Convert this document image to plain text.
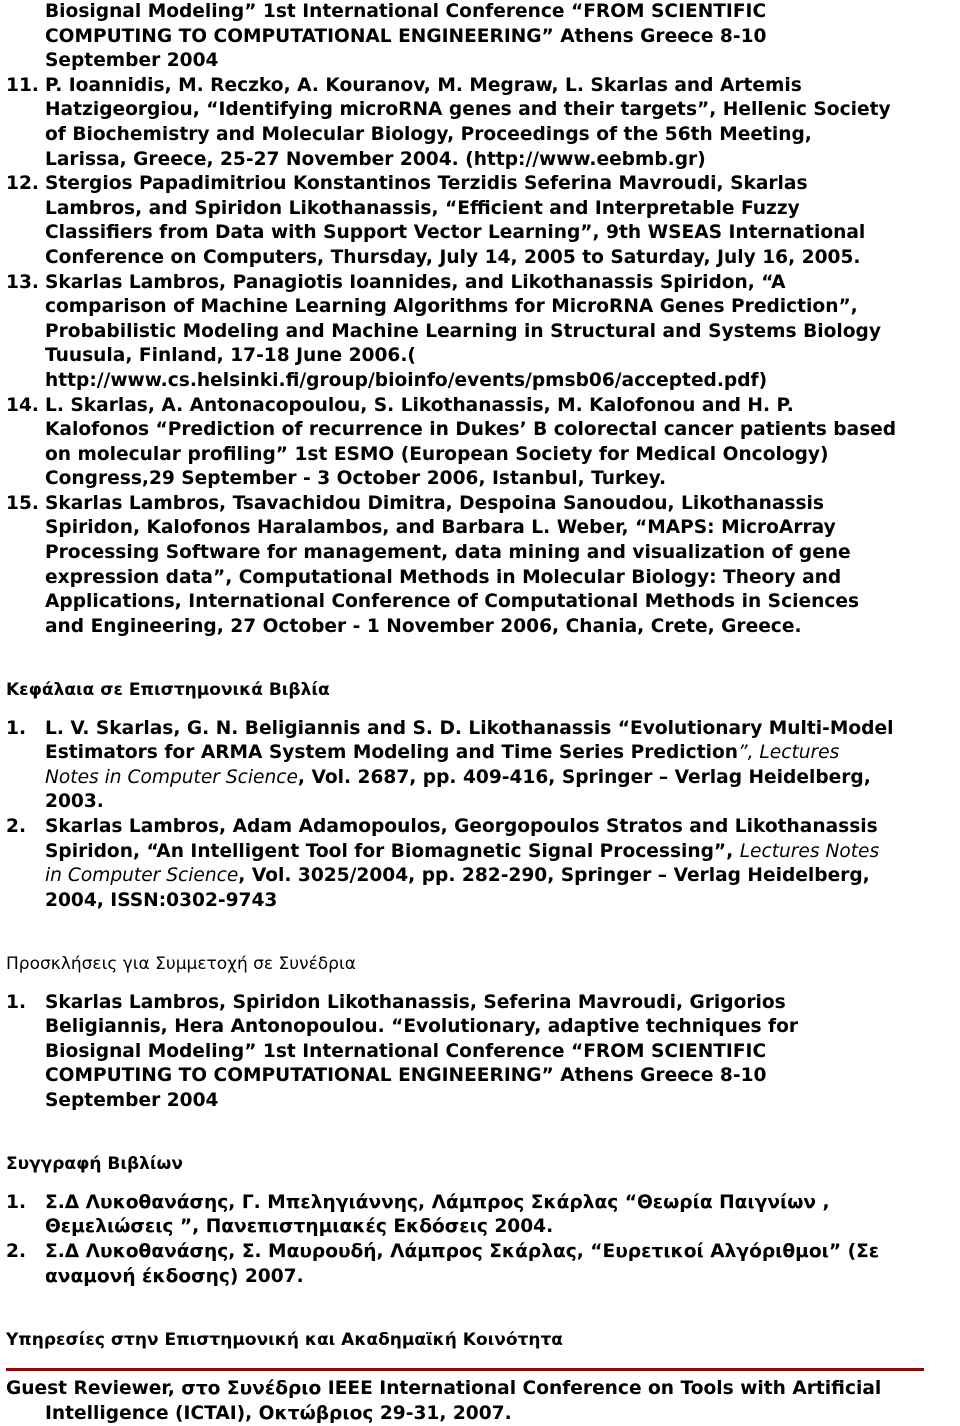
Biosignal Modeling” 1st International Conference “FROM SCIENTIFIC
COMPUTING TO COMPUTATIONAL ENGINEERING” Athens Greece 8-10
September 2004
11. P. Ioannidis, M. Reczko, A. Kouranov, M. Megraw, L. Skarlas and Artemis
Hatzigeorgiou, “Identifying microRNA genes and their targets”, Hellenic Society
of Biochemistry and Molecular Biology, Proceedings of the 56th Meeting,
Larissa, Greece, 25-27 November 2004. (http://www.eebmb.gr)
12. Stergios Papadimitriou Konstantinos Terzidis Seferina Mavroudi, Skarlas
Lambros, and Spiridon Likothanassis, “Efficient and Interpretable Fuzzy
Classifiers from Data with Support Vector Learning”, 9th WSEAS International
Conference on Computers, Thursday, July 14, 2005 to Saturday, July 16, 2005.
13. Skarlas Lambros, Panagiotis Ioannides, and Likothanassis Spiridon, “A
comparison of Machine Learning Algorithms for MicroRNA Genes Prediction”,
Probabilistic Modeling and Machine Learning in Structural and Systems Biology
Tuusula, Finland, 17-18 June 2006.(
http://www.cs.helsinki.fi/group/bioinfo/events/pmsb06/accepted.pdf)
14. L. Skarlas, A. Antonacopoulou, S. Likothanassis, M. Kalofonou and H. P.
Kalofonos “Prediction of recurrence in Dukes’ B colorectal cancer patients based
on molecular profiling” 1st ESMO (European Society for Medical Oncology)
Congress,29 September - 3 October 2006, Istanbul, Turkey.
15. Skarlas Lambros, Tsavachidou Dimitra, Despoina Sanoudou, Likothanassis
Spiridon, Kalofonos Haralambos, and Barbara L. Weber, “MAPS: MicroArray
Processing Software for management, data mining and visualization of gene
expression data”, Computational Methods in Molecular Biology: Theory and
Applications, International Conference of Computational Methods in Sciences
and Engineering, 27 October - 1 November 2006, Chania, Crete, Greece.
Κεφάλαια σε Επιστημονικά Βιβλία
1. L. V. Skarlas, G. N. Beligiannis and S. D. Likothanassis “Evolutionary Multi-Model
Estimators for ARMA System Modeling and Time Series Prediction”, Lectures
Notes in Computer Science, Vol. 2687, pp. 409-416, Springer – Verlag Heidelberg,
2003.
2. Skarlas Lambros, Adam Adamopoulos, Georgopoulos Stratos and Likothanassis
Spiridon, “An Intelligent Tool for Biomagnetic Signal Processing”, Lectures Notes
in Computer Science, Vol. 3025/2004, pp. 282-290, Springer – Verlag Heidelberg,
2004, ISSN:0302-9743
Προσκλήσεις για Συμμετοχή σε Συνέδρια
1. Skarlas Lambros, Spiridon Likothanassis, Seferina Mavroudi, Grigorios
Beligiannis, Hera Antonopoulou. “Evolutionary, adaptive techniques for
Biosignal Modeling” 1st International Conference “FROM SCIENTIFIC
COMPUTING TO COMPUTATIONAL ENGINEERING” Athens Greece 8-10
September 2004
Συγγραφή Βιβλίων
1. Σ.Δ Λυκοθανάσης, Γ. Μπεληγιάννης, Λάμπρος Σκάρλας “Θεωρία Παιγνίων ,
Θεμελιώσεις ”, Πανεπιστημιακές Εκδόσεις 2004.
2. Σ.Δ Λυκοθανάσης, Σ. Μαυρουδή, Λάμπρος Σκάρλας, “Ευρετικοί Αλγόριθμοι” (Σε
αναμονή έκδοσης) 2007.
Υπηρεσίες στην Επιστημονική και Ακαδημαϊκή Κοινότητα
Guest Reviewer, στο Συνέδριο IEEE International Conference on Tools with Artificial
Intelligence (ICTAI), Οκτώβριος 29-31, 2007.
